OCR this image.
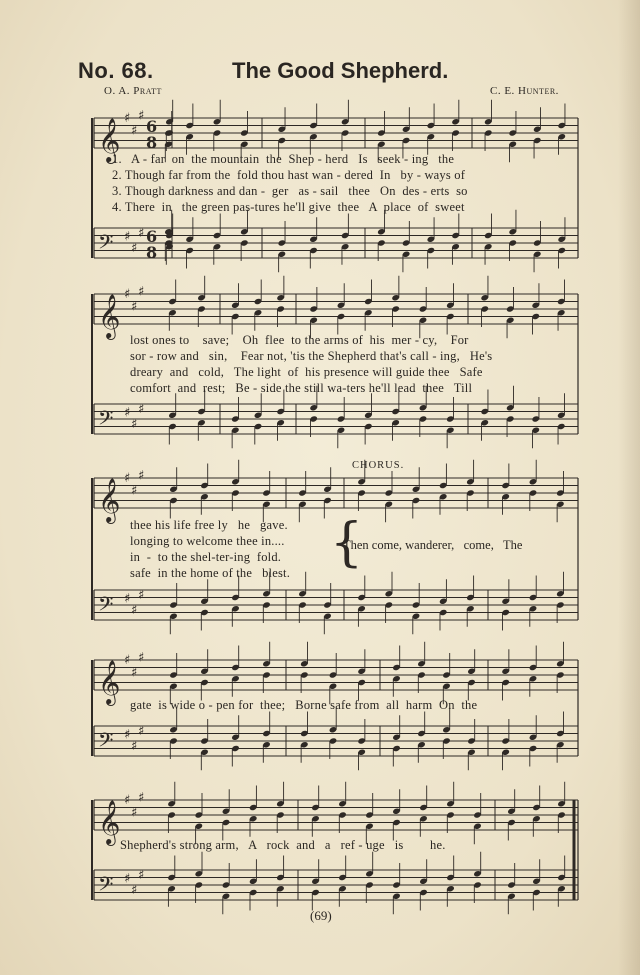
No. 68.	The Good Shepherd.
O. A. Pratt	C. E. Hunter.
𝄞 ♯
♯
♯
𝄢 ♯
♯
♯
6
8
6
8
𝄞 ♯
♯
♯
𝄢 ♯
♯
♯
𝄞 ♯
♯
♯
𝄢 ♯
♯
♯
𝄞 ♯
♯
♯
𝄢 ♯
♯
♯
𝄞 ♯
♯
♯
𝄢 ♯
♯
♯
{
1.   A - far  on  the mountain  the  Shep - herd   Is   seek - ing   the
2. Though far from the  fold thou hast wan - dered  In   by - ways of
3. Though darkness and dan -  ger   as - sail   thee   On  des - erts  so
4. There  in   the green pas-tures he'll give  thee   A  place  of  sweet
lost ones to    save;    Oh  flee  to the arms of  his  mer - cy,    For
sor - row and   sin,    Fear not, 'tis the Shepherd that's call - ing,   He's
dreary  and   cold,   The light  of  his presence will guide thee   Safe
comfort  and  rest;   Be - side the still wa-ters he'll lead  thee   Till
CHORUS.
thee his life free ly   he   gave.
longing to welcome thee in....
in  -  to the shel-ter-ing  fold.
safe  in the home of the   blest.
Then come, wanderer,   come,   The
gate  is wide o - pen for  thee;   Borne safe from  all  harm  On  the
Shepherd's strong arm,   A   rock  and   a   ref - uge   is        he.
(69)
